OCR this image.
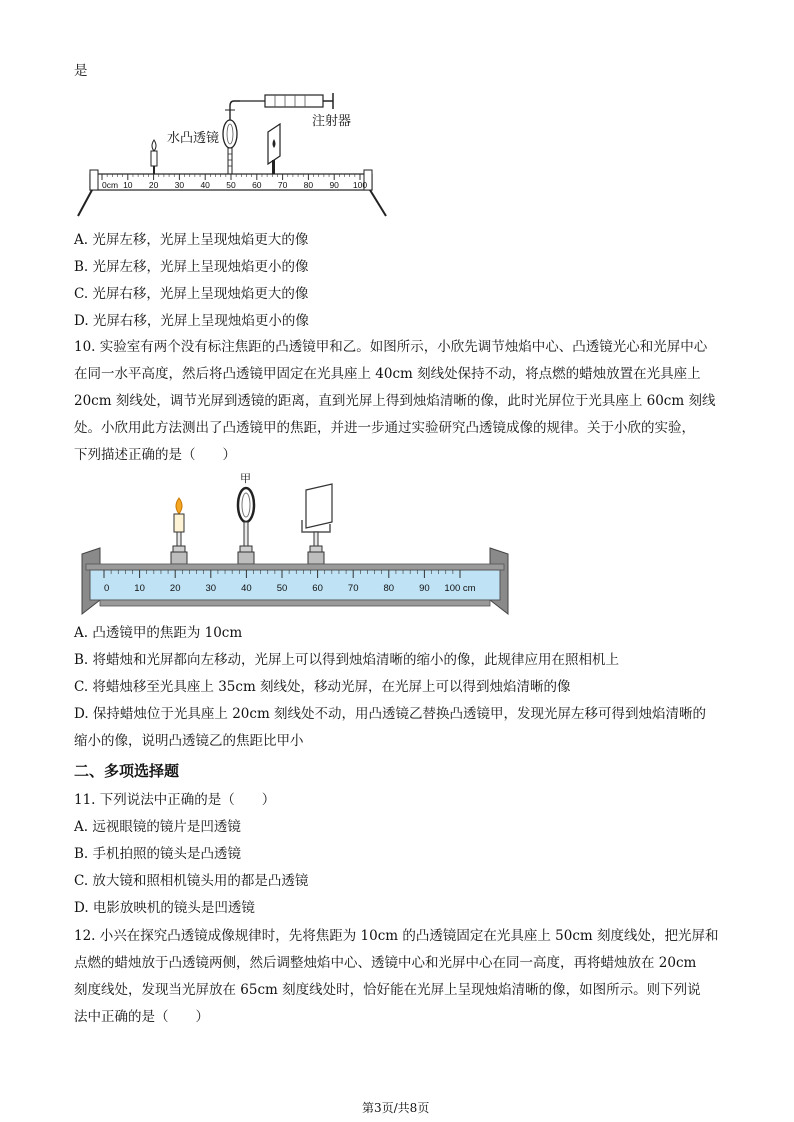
是
水凸透镜
注射器
0cm 10 20 30 40 50 60 70 80 90 100
A. 光屏左移，光屏上呈现烛焰更大的像
B. 光屏左移，光屏上呈现烛焰更小的像
C. 光屏右移，光屏上呈现烛焰更大的像
D. 光屏右移，光屏上呈现烛焰更小的像
10. 实验室有两个没有标注焦距的凸透镜甲和乙。如图所示，小欣先调节烛焰中心、凸透镜光心和光屏中心
在同一水平高度，然后将凸透镜甲固定在光具座上 40cm 刻线处保持不动，将点燃的蜡烛放置在光具座上
20cm 刻线处，调节光屏到透镜的距离，直到光屏上得到烛焰清晰的像，此时光屏位于光具座上 60cm 刻线
处。小欣用此方法测出了凸透镜甲的焦距，并进一步通过实验研究凸透镜成像的规律。关于小欣的实验，
下列描述正确的是（　　）
甲
0	10	20	30	40	50	60	70	80	90 100 cm
A. 凸透镜甲的焦距为 10cm
B. 将蜡烛和光屏都向左移动，光屏上可以得到烛焰清晰的缩小的像，此规律应用在照相机上
C. 将蜡烛移至光具座上 35cm 刻线处，移动光屏，在光屏上可以得到烛焰清晰的像
D. 保持蜡烛位于光具座上 20cm 刻线处不动，用凸透镜乙替换凸透镜甲，发现光屏左移可得到烛焰清晰的
缩小的像，说明凸透镜乙的焦距比甲小
二、多项选择题
11. 下列说法中正确的是（　　）
A. 远视眼镜的镜片是凹透镜
B. 手机拍照的镜头是凸透镜
C. 放大镜和照相机镜头用的都是凸透镜
D. 电影放映机的镜头是凹透镜
12. 小兴在探究凸透镜成像规律时，先将焦距为 10cm 的凸透镜固定在光具座上 50cm 刻度线处，把光屏和
点燃的蜡烛放于凸透镜两侧，然后调整烛焰中心、透镜中心和光屏中心在同一高度，再将蜡烛放在 20cm
刻度线处，发现当光屏放在 65cm 刻度线处时，恰好能在光屏上呈现烛焰清晰的像，如图所示。则下列说
法中正确的是（　　）
第3页/共8页
